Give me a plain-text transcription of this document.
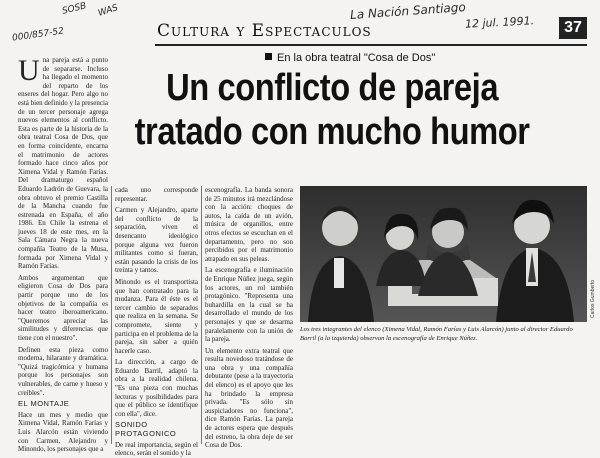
SOSB WAS
000/857-52
La Nación Santiago
12 jul. 1991.
Cultura y Espectaculos	37
En la obra teatral "Cosa de Dos"
Un conflicto de pareja
tratado con mucho humor

Una pareja está a punto de separarse. Incluso ha llegado el momento del reparto de los enseres del hogar. Pero algo no está bien definido y la presencia de un tercer personaje agrega nuevos elementos al conflicto. Esta es parte de la historia de la obra teatral Cosa de Dos, que en forma coincidente, encarna el matrimonio de actores formado hace cinco años por Ximena Vidal y Ramón Farías. Del dramaturgo español Eduardo Ladrón de Guevara, la obra obtuvo el premio Castilla de la Mancha cuando fue estrenada en España, el año 1986. En Chile la estrena el jueves 18 de este mes, en la Sala Cámara Negra la nueva compañía Teatro de la Musa, formada por Ximena Vidal y Ramón Farías.

Ambos argumentan que eligieron Cosa de Dos para partir porque uno de los objetivos de la compañía es hacer teatro iberoamericano. "Queremos apreciar las similitudes y diferencias que tiene con el nuestro".

Definen esta pieza como moderna, hilarante y dramática. "Quizá tragicómica y humana porque los personajes son vulnerables, de carne y hueso y creíbles".

EL MONTAJE

Hace un mes y medio que Ximena Vidal, Ramón Farías y Luis Alarcón están viviendo con Carmen, Alejandro y Minondo, los personajes que a

cada uno corresponde representar.

Carmen y Alejandro, aparte del conflicto de la separación, viven el desencanto ideológico porque alguna vez fueron militantes como si fueran, están pasando la crisis de los treinta y tantos.

Minondo es el transportista que han contratado para la mudanza. Para él éste es el tercer cambio de separados que realiza en la semana. Se compromete, siente y participa en el problema de la pareja, sin saber a quién hacerle caso.

La dirección, a cargo de Eduardo Barril, adaptó la obra a la realidad chilena. "Es una pieza con muchas lecturas y posibilidades para que el público se identifique con ella", dice.

SONIDO PROTAGONICO

De real importancia, según el elenco, serán el sonido y la

escenografía. La banda sonora de 25 minutos irá mezclándose con la acción: choques de autos, la caída de un avión, música de organillos, entre otros efectos se escuchan en el departamento, pero no son percibidos por el matrimonio atrapado en sus peleas.

La escenografía e iluminación de Enrique Núñez juega, según los actores, un rol también protagónico. "Representa una buhardilla en la cual se ha desarrollado el mundo de los personajes y que se desarma paralelamente con la unión de la pareja.

Un elemento extra teatral que resulta novedoso tratándose de una obra y una compañía debutante (pese a la trayectoria del elenco) es el apoyo que les ha brindado la empresa privada. "Es sólo sin auspiciadores no funciona", dice Ramón Farías. La pareja de actores espera que después del estreno, la obra deje de ser Cosa de Dos.

Carlos Gumberto
Los tres integrantes del elenco (Ximena Vidal, Ramón Farías y Luis Alarcón) junto al director Eduardo Barril (a la izquierda) observan la escenografía de Enrique Núñez.
